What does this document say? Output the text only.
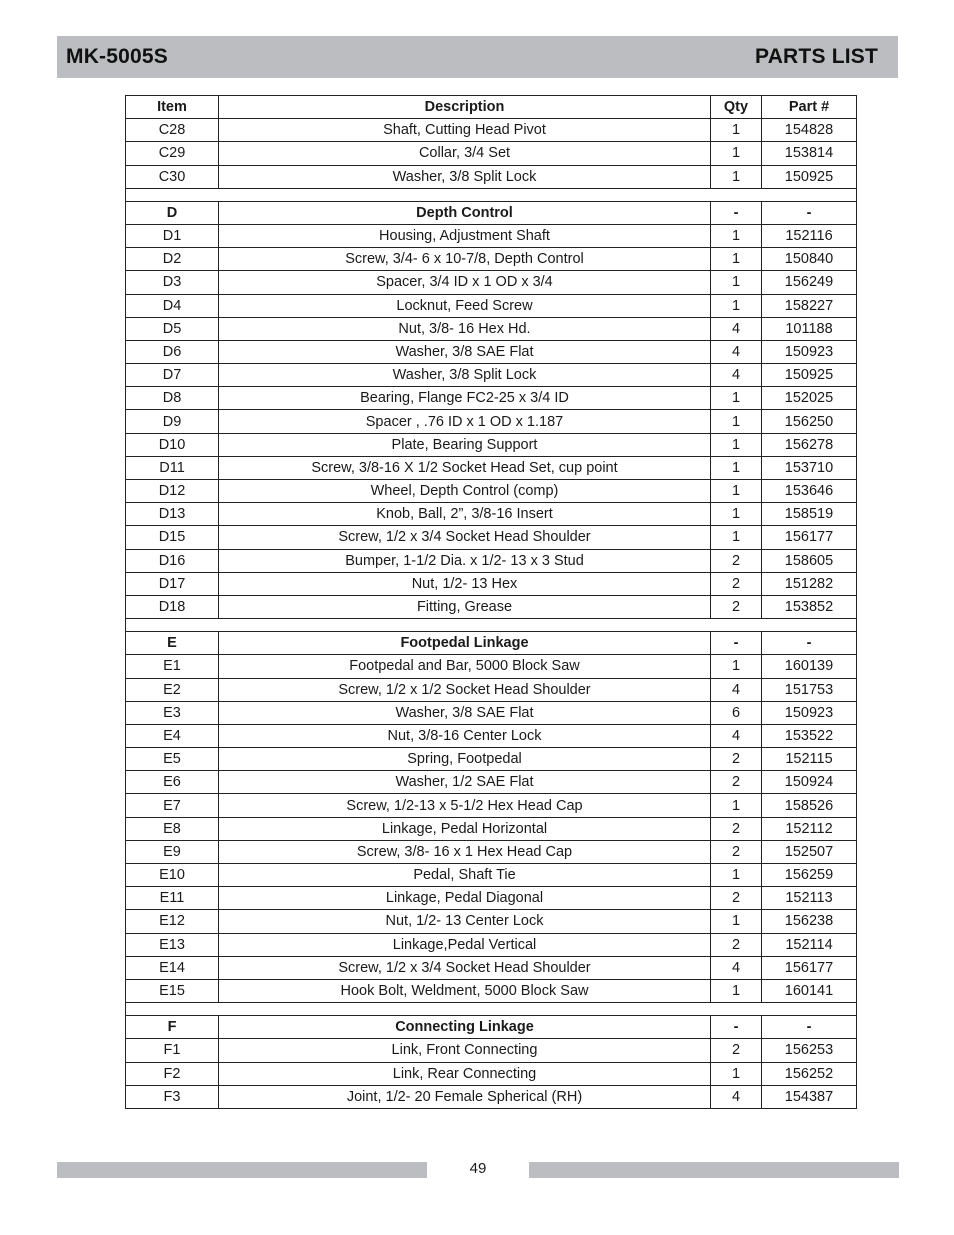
MK-5005S	PARTS LIST
Item	Description	Qty	Part #
C28	Shaft, Cutting Head Pivot	1	154828
C29	Collar, 3/4 Set	1	153814
C30	Washer, 3/8 Split Lock	1	150925

D	Depth Control	-	-
D1	Housing, Adjustment Shaft	1	152116
D2	Screw, 3/4- 6 x 10-7/8, Depth Control	1	150840
D3	Spacer, 3/4 ID x 1 OD x 3/4	1	156249
D4	Locknut, Feed Screw	1	158227
D5	Nut, 3/8- 16 Hex Hd.	4	101188
D6	Washer, 3/8 SAE Flat	4	150923
D7	Washer, 3/8 Split Lock	4	150925
D8	Bearing, Flange FC2-25 x 3/4 ID	1	152025
D9	Spacer , .76 ID x 1 OD x 1.187	1	156250
D10	Plate, Bearing Support	1	156278
D11	Screw, 3/8-16 X 1/2 Socket Head Set, cup point	1	153710
D12	Wheel, Depth Control (comp)	1	153646
D13	Knob, Ball, 2”, 3/8-16 Insert	1	158519
D15	Screw, 1/2 x 3/4 Socket Head Shoulder	1	156177
D16	Bumper, 1-1/2 Dia. x 1/2- 13 x 3 Stud	2	158605
D17	Nut, 1/2- 13 Hex	2	151282
D18	Fitting, Grease	2	153852

E	Footpedal Linkage	-	-
E1	Footpedal and Bar, 5000 Block Saw	1	160139
E2	Screw, 1/2 x 1/2 Socket Head Shoulder	4	151753
E3	Washer, 3/8 SAE Flat	6	150923
E4	Nut, 3/8-16 Center Lock	4	153522
E5	Spring, Footpedal	2	152115
E6	Washer, 1/2 SAE Flat	2	150924
E7	Screw, 1/2-13 x 5-1/2 Hex Head Cap	1	158526
E8	Linkage, Pedal Horizontal	2	152112
E9	Screw, 3/8- 16 x 1 Hex Head Cap	2	152507
E10	Pedal, Shaft Tie	1	156259
E11	Linkage, Pedal Diagonal	2	152113
E12	Nut, 1/2- 13 Center Lock	1	156238
E13	Linkage,Pedal Vertical	2	152114
E14	Screw, 1/2 x 3/4 Socket Head Shoulder	4	156177
E15	Hook Bolt, Weldment, 5000 Block Saw	1	160141

F	Connecting Linkage	-	-
F1	Link, Front Connecting	2	156253
F2	Link, Rear Connecting	1	156252
F3	Joint, 1/2- 20 Female Spherical (RH)	4	154387
49
